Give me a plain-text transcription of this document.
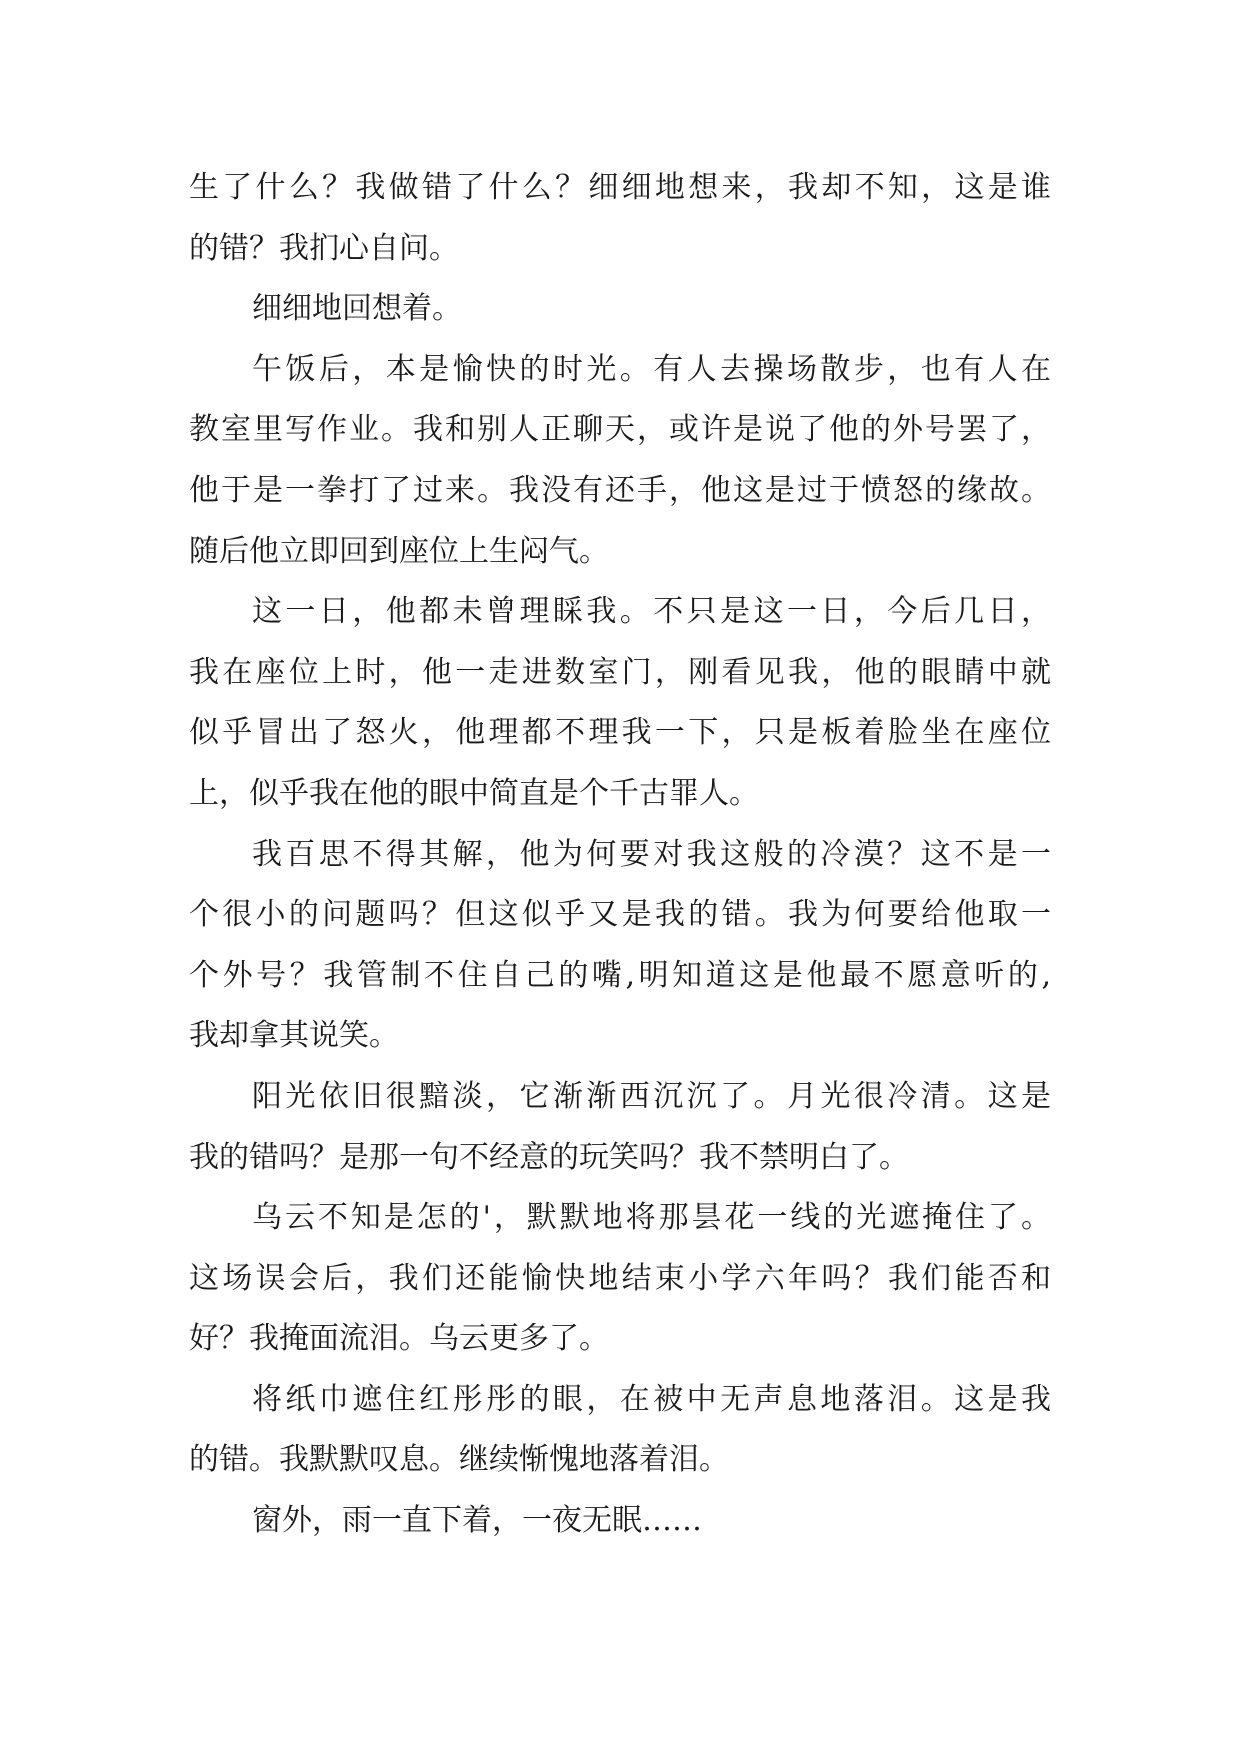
生了什么？我做错了什么？细细地想来，我却不知，这是谁
的错？我扪心自问。
细细地回想着。
午饭后，本是愉快的时光。有人去操场散步，也有人在
教室里写作业。我和别人正聊天，或许是说了他的外号罢了，
他于是一拳打了过来。我没有还手，他这是过于愤怒的缘故。
随后他立即回到座位上生闷气。
这一日，他都未曾理睬我。不只是这一日，今后几日，
我在座位上时，他一走进数室门，刚看见我，他的眼睛中就
似乎冒出了怒火，他理都不理我一下，只是板着脸坐在座位
上，似乎我在他的眼中简直是个千古罪人。
我百思不得其解，他为何要对我这般的冷漠？这不是一
个很小的问题吗？但这似乎又是我的错。我为何要给他取一
个外号？我管制不住自己的嘴,明知道这是他最不愿意听的,
我却拿其说笑。
阳光依旧很黯淡，它渐渐西沉沉了。月光很冷清。这是
我的错吗？是那一句不经意的玩笑吗？我不禁明白了。
乌云不知是怎的'，默默地将那昙花一线的光遮掩住了。
这场误会后，我们还能愉快地结束小学六年吗？我们能否和
好？我掩面流泪。乌云更多了。
将纸巾遮住红彤彤的眼，在被中无声息地落泪。这是我
的错。我默默叹息。继续惭愧地落着泪。
窗外，雨一直下着，一夜无眠……
